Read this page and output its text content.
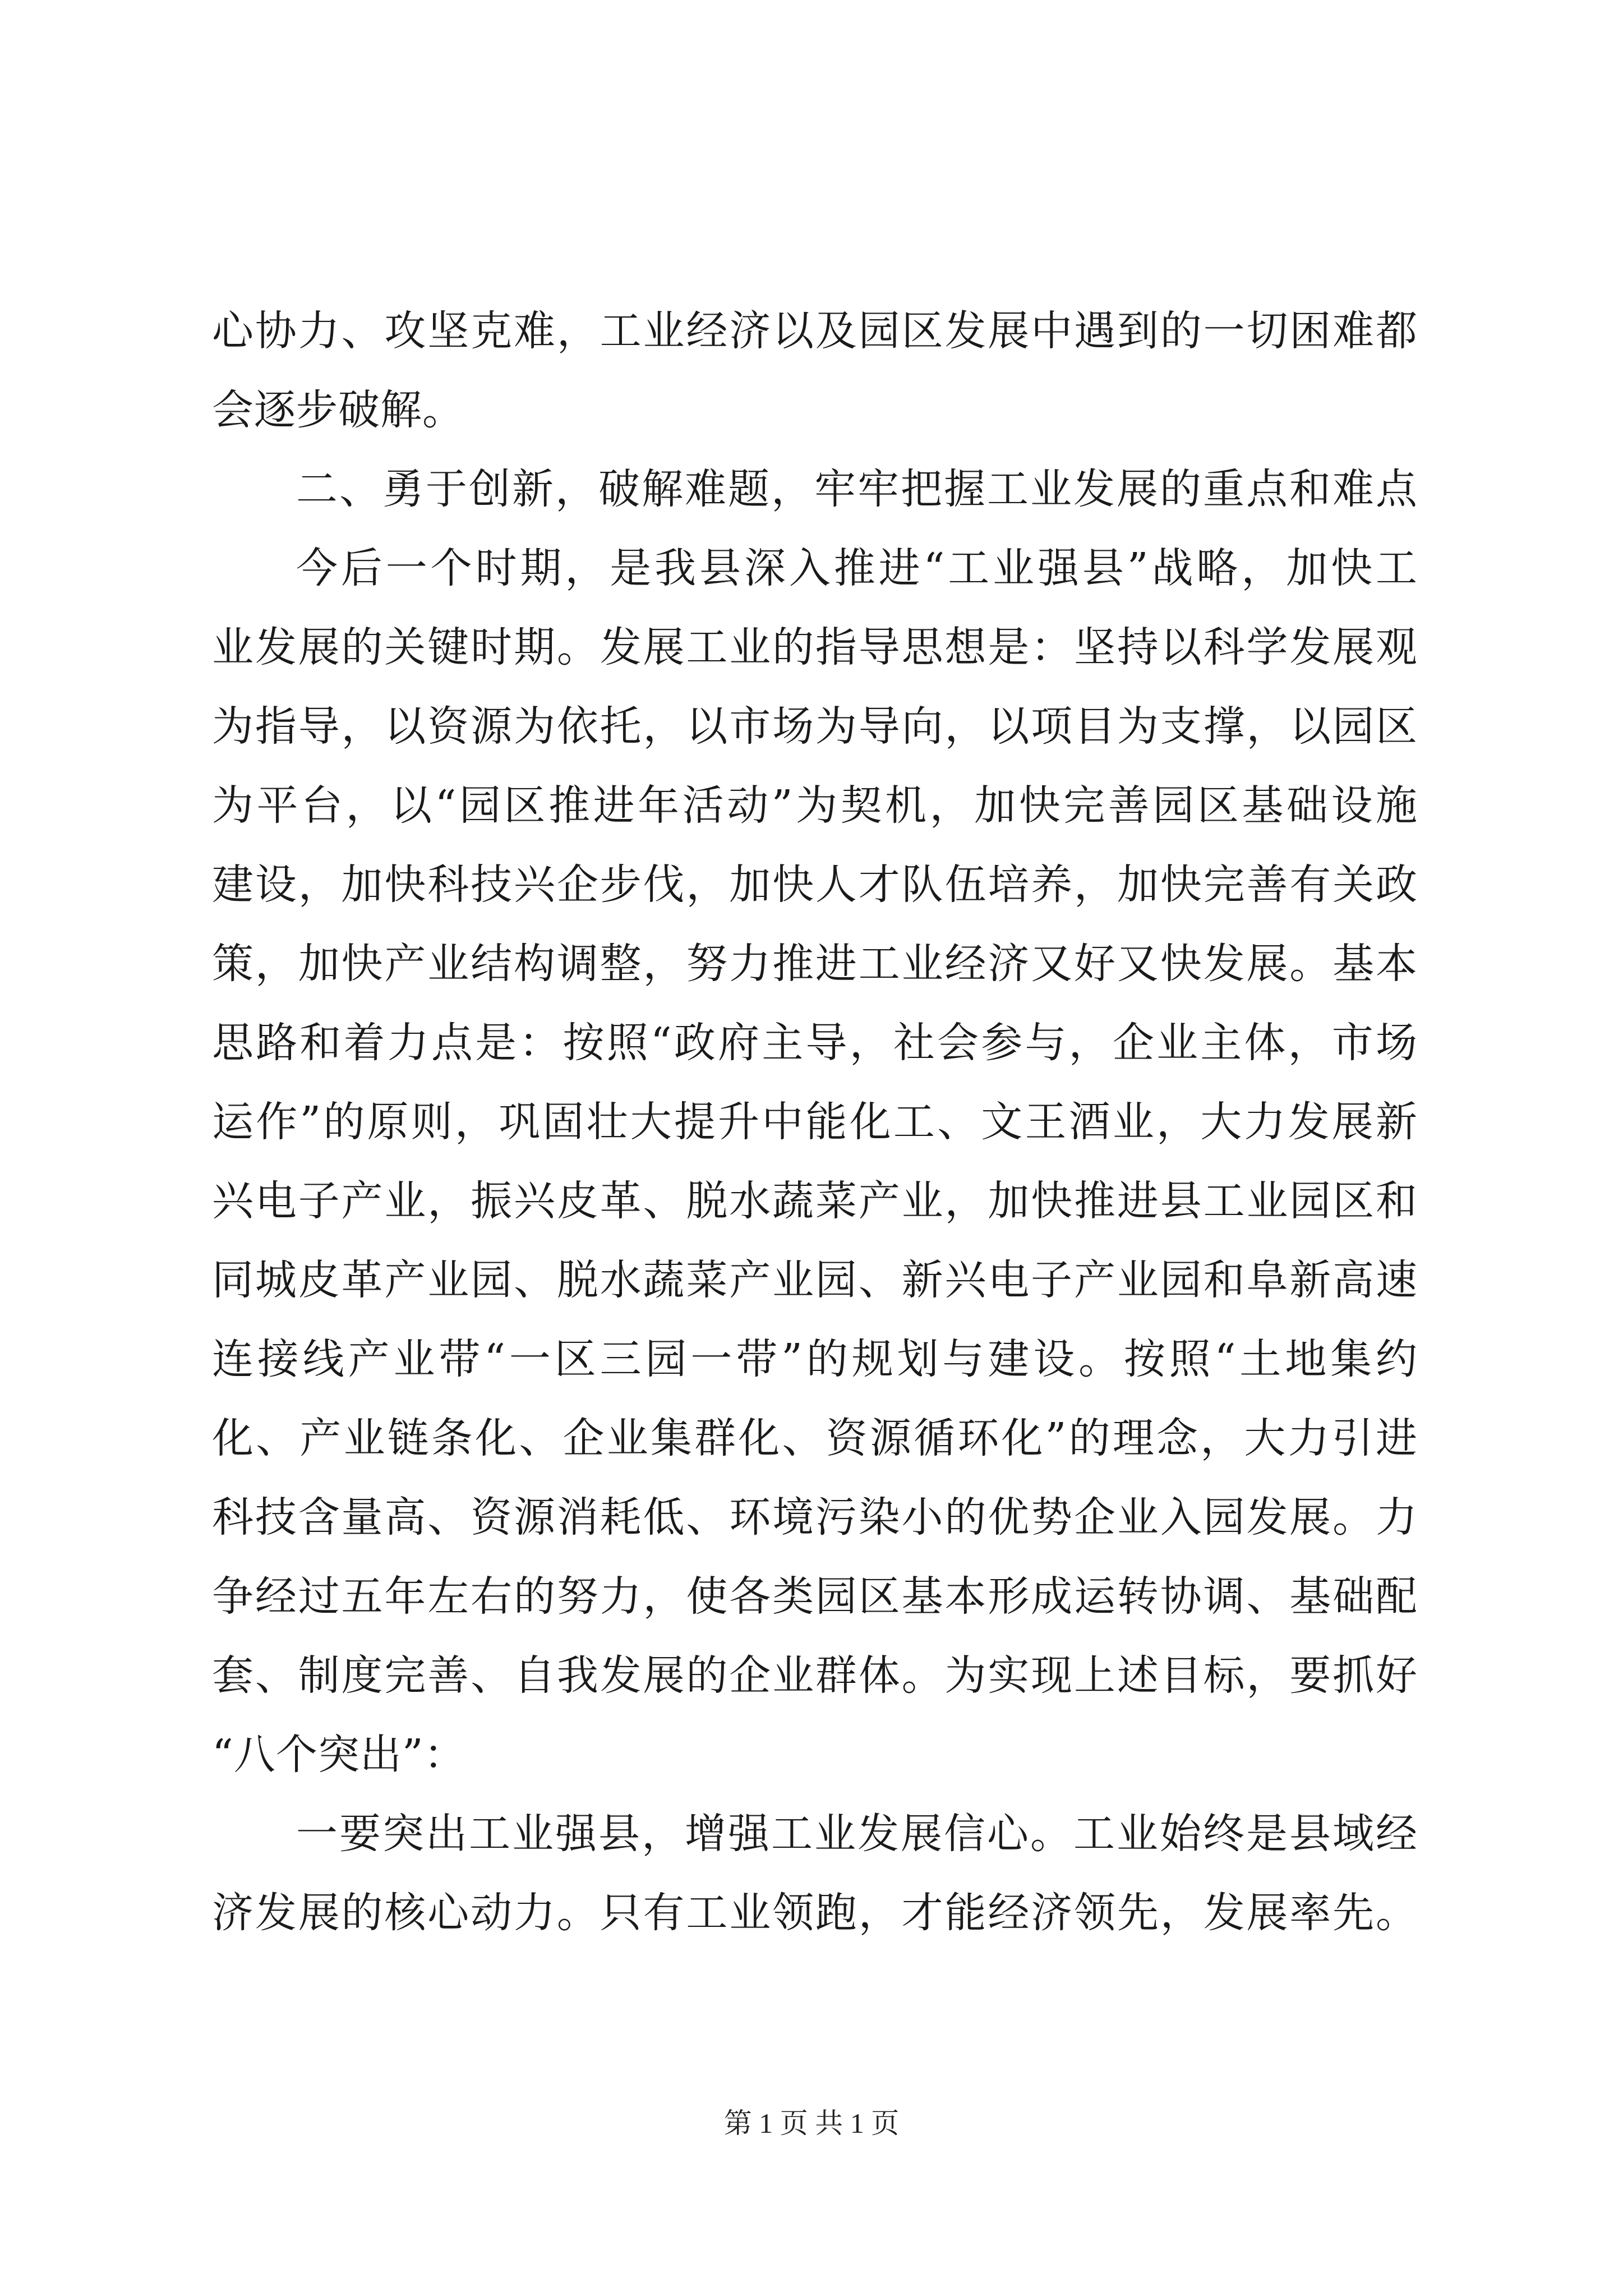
心协力、攻坚克难，工业经济以及园区发展中遇到的一切困难都
会逐步破解。
二、勇于创新，破解难题，牢牢把握工业发展的重点和难点
今后一个时期，是我县深入推进“工业强县”战略，加快工
业发展的关键时期。发展工业的指导思想是：坚持以科学发展观
为指导，以资源为依托，以市场为导向，以项目为支撑，以园区
为平台，以“园区推进年活动”为契机，加快完善园区基础设施
建设，加快科技兴企步伐，加快人才队伍培养，加快完善有关政
策，加快产业结构调整，努力推进工业经济又好又快发展。基本
思路和着力点是：按照“政府主导，社会参与，企业主体，市场
运作”的原则，巩固壮大提升中能化工、文王酒业，大力发展新
兴电子产业，振兴皮革、脱水蔬菜产业，加快推进县工业园区和
同城皮革产业园、脱水蔬菜产业园、新兴电子产业园和阜新高速
连接线产业带“一区三园一带”的规划与建设。按照“土地集约
化、产业链条化、企业集群化、资源循环化”的理念，大力引进
科技含量高、资源消耗低、环境污染小的优势企业入园发展。力
争经过五年左右的努力，使各类园区基本形成运转协调、基础配
套、制度完善、自我发展的企业群体。为实现上述目标，要抓好
“八个突出”：
一要突出工业强县，增强工业发展信心。工业始终是县域经
济发展的核心动力。只有工业领跑，才能经济领先，发展率先。
第 1 页 共 1 页
